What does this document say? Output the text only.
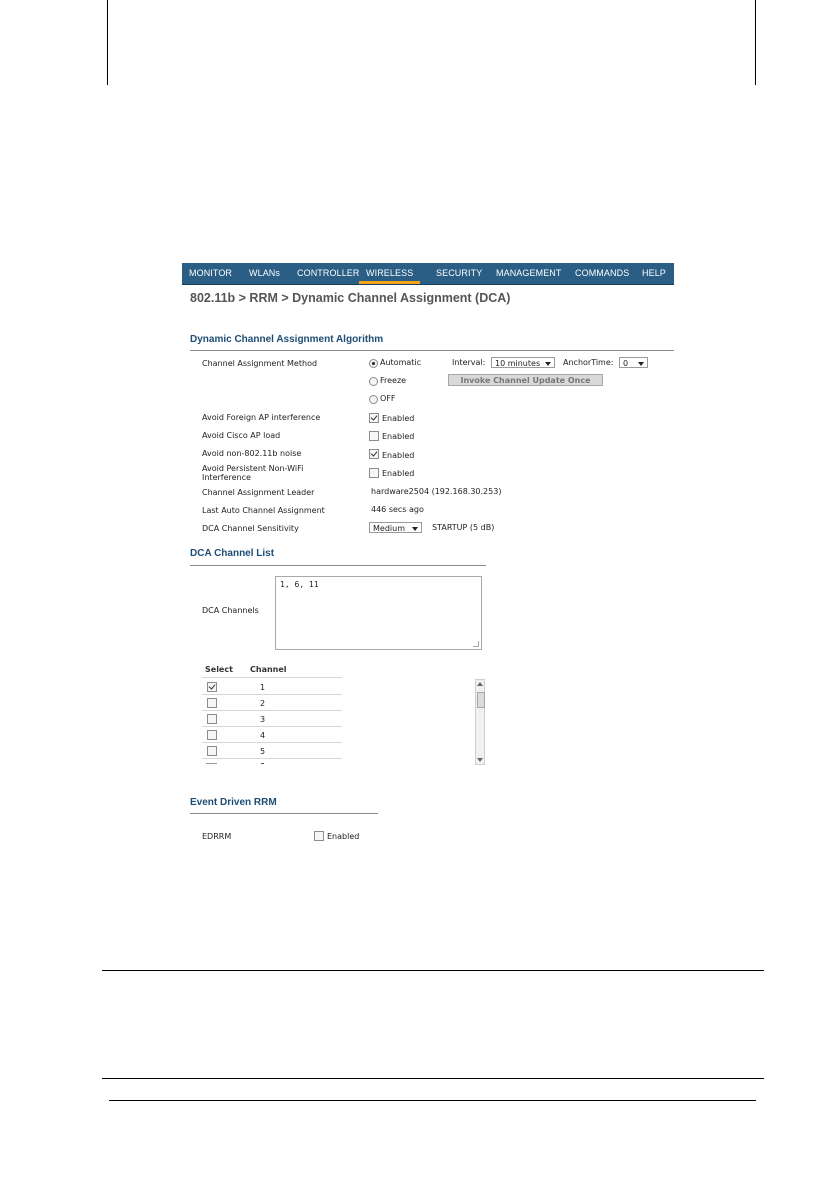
MONITOR WLANs CONTROLLER WIRELESS	SECURITY MANAGEMENT COMMANDS HELP
802.11b > RRM > Dynamic Channel Assignment (DCA)
Dynamic Channel Assignment Algorithm
Channel Assignment Method	Automatic	Interval:	10 minutes	AnchorTime:	0
Freeze	Invoke Channel Update Once
OFF
Avoid Foreign AP interference	Enabled
Avoid Cisco AP load	Enabled
Avoid non-802.11b noise	Enabled
Avoid Persistent Non-WiFi
Interference	Enabled
Channel Assignment Leader	hardware2504 (192.168.30.253)
Last Auto Channel Assignment	446 secs ago
DCA Channel Sensitivity	Medium	STARTUP (5 dB)
DCA Channel List
DCA Channels
1, 6, 11
Select Channel
1
2
3
4
5
Event Driven RRM
EDRRM	Enabled
